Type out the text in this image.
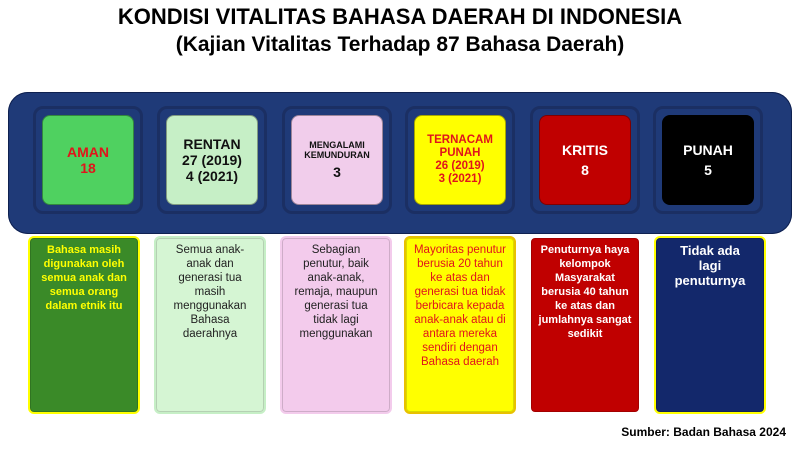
KONDISI VITALITAS BAHASA DAERAH DI INDONESIA
(Kajian Vitalitas Terhadap 87 Bahasa Daerah)
AMAN
18
RENTAN
27 (2019)
4 (2021)
MENGALAMI KEMUNDURAN
3
TERNACAM PUNAH
26 (2019)
3 (2021)
KRITIS
8
PUNAH
5
Bahasa masih digunakan oleh semua anak dan semua orang dalam etnik itu
Semua anak-anak dan generasi tua masih menggunakan Bahasa daerahnya
Sebagian penutur, baik anak-anak, remaja, maupun generasi tua tidak lagi menggunakan
Mayoritas penutur berusia 20 tahun ke atas dan generasi tua tidak berbicara kepada anak-anak atau di antara mereka sendiri dengan Bahasa daerah
Penuturnya haya kelompok Masyarakat berusia 40 tahun ke atas dan jumlahnya sangat sedikit
Tidak ada lagi penuturnya
Sumber: Badan Bahasa 2024
